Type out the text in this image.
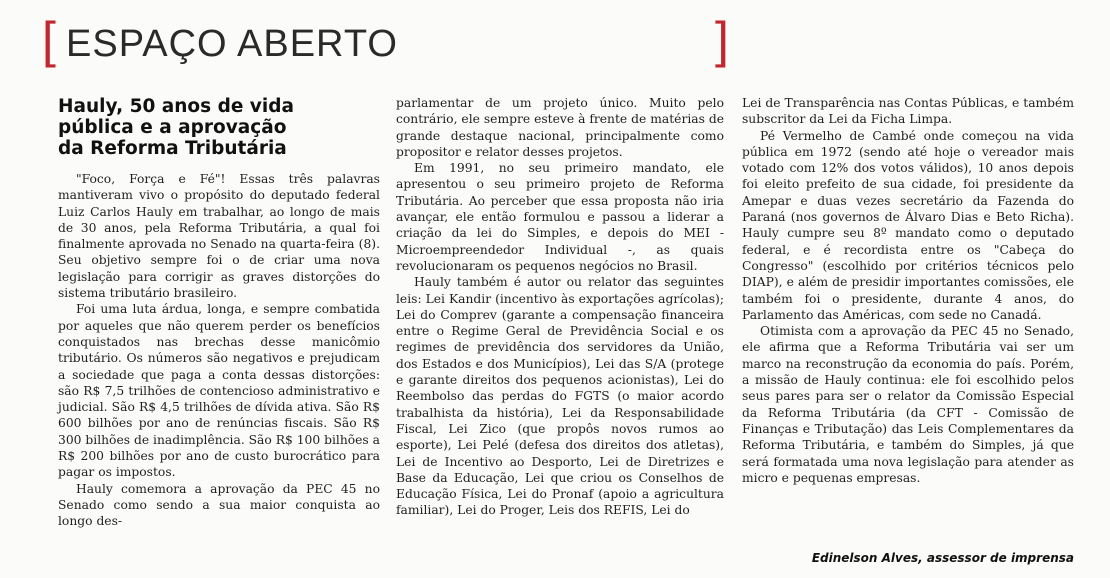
[ ESPAÇO ABERTO	]
Hauly, 50 anos de vida pública e a aprovação da Reforma Tributária

"Foco, Força e Fé"! Essas três palavras mantiveram vivo o propósito do deputado federal Luiz Carlos Hauly em trabalhar, ao longo de mais de 30 anos, pela Reforma Tributária, a qual foi finalmente aprovada no Senado na quarta-feira (8). Seu objetivo sempre foi o de criar uma nova legislação para corrigir as graves distorções do sistema tributário brasileiro.

Foi uma luta árdua, longa, e sempre combatida por aqueles que não querem perder os benefícios conquistados nas brechas desse manicômio tributário. Os números são negativos e prejudicam a sociedade que paga a conta dessas distorções: são R$ 7,5 trilhões de contencioso administrativo e judicial. São R$ 4,5 trilhões de dívida ativa. São R$ 600 bilhões por ano de renúncias fiscais. São R$ 300 bilhões de inadimplência. São R$ 100 bilhões a R$ 200 bilhões por ano de custo burocrático para pagar os impostos.

Hauly comemora a aprovação da PEC 45 no Senado como sendo a sua maior conquista ao longo des-

parlamentar de um projeto único. Muito pelo contrário, ele sempre esteve à frente de matérias de grande destaque nacional, principalmente como propositor e relator desses projetos.

Em 1991, no seu primeiro mandato, ele apresentou o seu primeiro projeto de Reforma Tributária. Ao perceber que essa proposta não iria avançar, ele então formulou e passou a liderar a criação da lei do Simples, e depois do MEI - Microempreendedor Individual -, as quais revolucionaram os pequenos negócios no Brasil.

Hauly também é autor ou relator das seguintes leis: Lei Kandir (incentivo às exportações agrícolas); Lei do Comprev (garante a compensação financeira entre o Regime Geral de Previdência Social e os regimes de previdência dos servidores da União, dos Estados e dos Municípios), Lei das S/A (protege e garante direitos dos pequenos acionistas), Lei do Reembolso das perdas do FGTS (o maior acordo trabalhista da história), Lei da Responsabilidade Fiscal, Lei Zico (que propôs novos rumos ao esporte), Lei Pelé (defesa dos direitos dos atletas), Lei de Incentivo ao Desporto, Lei de Diretrizes e Base da Educação, Lei que criou os Conselhos de Educação Física, Lei do Pronaf (apoio a agricultura familiar), Lei do Proger, Leis dos REFIS, Lei do

Lei de Transparência nas Contas Públicas, e também subscritor da Lei da Ficha Limpa.

Pé Vermelho de Cambé onde começou na vida pública em 1972 (sendo até hoje o vereador mais votado com 12% dos votos válidos), 10 anos depois foi eleito prefeito de sua cidade, foi presidente da Amepar e duas vezes secretário da Fazenda do Paraná (nos governos de Álvaro Dias e Beto Richa). Hauly cumpre seu 8º mandato como o deputado federal, e é recordista entre os "Cabeça do Congresso" (escolhido por critérios técnicos pelo DIAP), e além de presidir importantes comissões, ele também foi o presidente, durante 4 anos, do Parlamento das Américas, com sede no Canadá.

Otimista com a aprovação da PEC 45 no Senado, ele afirma que a Reforma Tributária vai ser um marco na reconstrução da economia do país. Porém, a missão de Hauly continua: ele foi escolhido pelos seus pares para ser o relator da Comissão Especial da Reforma Tributária (da CFT - Comissão de Finanças e Tributação) das Leis Complementares da Reforma Tributária, e também do Simples, já que será formatada uma nova legislação para atender as micro e pequenas empresas.

Edinelson Alves, assessor de imprensa
